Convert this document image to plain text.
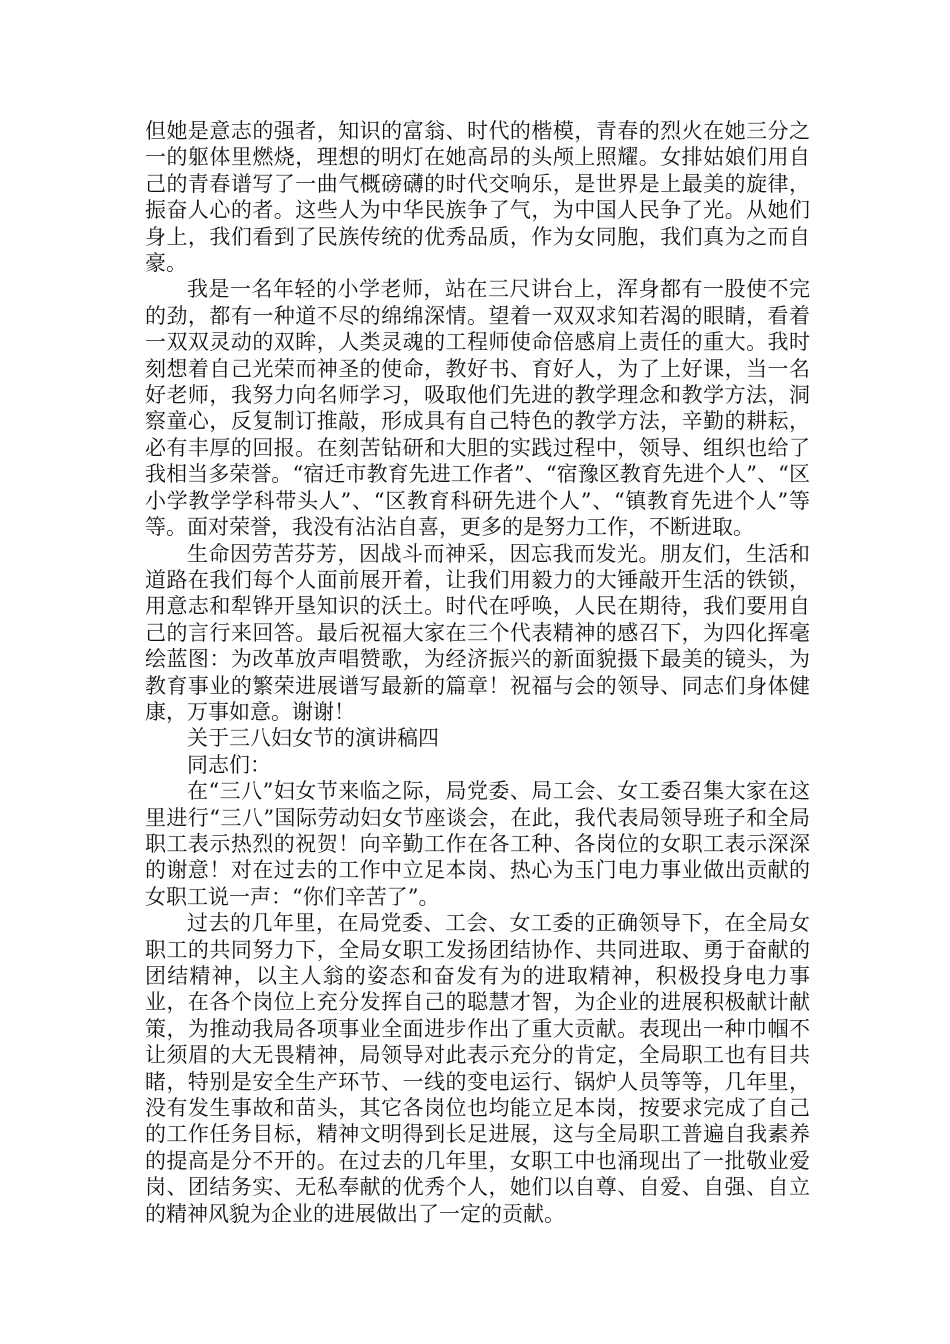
但她是意志的强者，知识的富翁、时代的楷模，青春的烈火在她三分之一的躯体里燃烧，理想的明灯在她高昂的头颅上照耀。女排姑娘们用自己的青春谱写了一曲气概磅礴的时代交响乐，是世界是上最美的旋律，振奋人心的者。这些人为中华民族争了气，为中国人民争了光。从她们身上，我们看到了民族传统的优秀品质，作为女同胞，我们真为之而自豪。

我是一名年轻的小学老师，站在三尺讲台上，浑身都有一股使不完的劲，都有一种道不尽的绵绵深情。望着一双双求知若渴的眼睛，看着一双双灵动的双眸，人类灵魂的工程师使命倍感肩上责任的重大。我时刻想着自己光荣而神圣的使命，教好书、育好人，为了上好课，当一名好老师，我努力向名师学习，吸取他们先进的教学理念和教学方法，洞察童心，反复制订推敲，形成具有自己特色的教学方法，辛勤的耕耘，必有丰厚的回报。在刻苦钻研和大胆的实践过程中，领导、组织也给了我相当多荣誉。“宿迁市教育先进工作者”、“宿豫区教育先进个人”、“区小学教学学科带头人”、“区教育科研先进个人”、“镇教育先进个人”等等。面对荣誉，我没有沾沾自喜，更多的是努力工作，不断进取。

生命因劳苦芬芳，因战斗而神采，因忘我而发光。朋友们，生活和道路在我们每个人面前展开着，让我们用毅力的大锤敲开生活的铁锁，用意志和犁铧开垦知识的沃土。时代在呼唤，人民在期待，我们要用自己的言行来回答。最后祝福大家在三个代表精神的感召下，为四化挥毫绘蓝图：为改革放声唱赞歌，为经济振兴的新面貌摄下最美的镜头，为教育事业的繁荣进展谱写最新的篇章！祝福与会的领导、同志们身体健康，万事如意。谢谢！

关于三八妇女节的演讲稿四

同志们：

在“三八”妇女节来临之际，局党委、局工会、女工委召集大家在这里进行“三八”国际劳动妇女节座谈会，在此，我代表局领导班子和全局职工表示热烈的祝贺！向辛勤工作在各工种、各岗位的女职工表示深深的谢意！对在过去的工作中立足本岗、热心为玉门电力事业做出贡献的女职工说一声：“你们辛苦了”。

过去的几年里，在局党委、工会、女工委的正确领导下，在全局女职工的共同努力下，全局女职工发扬团结协作、共同进取、勇于奋献的团结精神，以主人翁的姿态和奋发有为的进取精神，积极投身电力事业，在各个岗位上充分发挥自己的聪慧才智，为企业的进展积极献计献策，为推动我局各项事业全面进步作出了重大贡献。表现出一种巾帼不让须眉的大无畏精神，局领导对此表示充分的肯定，全局职工也有目共睹，特别是安全生产环节、一线的变电运行、锅炉人员等等，几年里，没有发生事故和苗头，其它各岗位也均能立足本岗，按要求完成了自己的工作任务目标，精神文明得到长足进展，这与全局职工普遍自我素养的提高是分不开的。在过去的几年里，女职工中也涌现出了一批敬业爱岗、团结务实、无私奉献的优秀个人，她们以自尊、自爱、自强、自立的精神风貌为企业的进展做出了一定的贡献。
